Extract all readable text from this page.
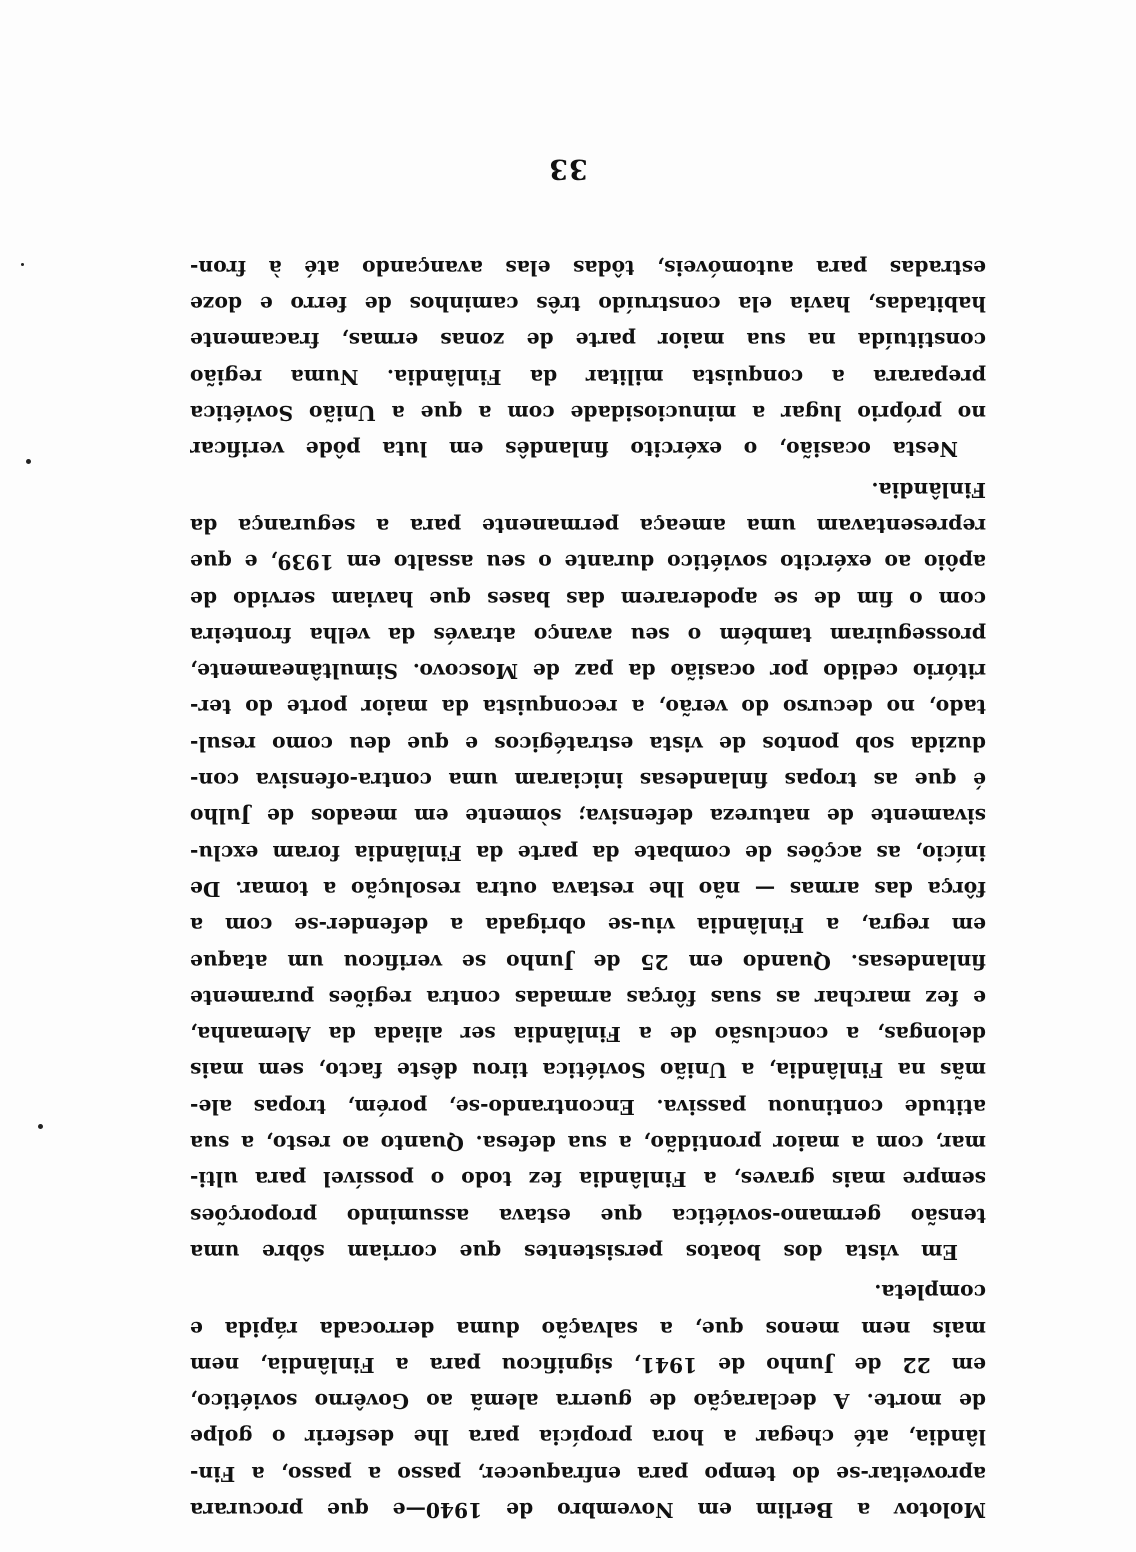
Molotov a Berlim em Novembro de 1940—e que procurara
aproveitar-se do tempo para enfraquecer, passo a passo, a Fin-
lândia, até chegar a hora propícia para lhe desferir o golpe
de morte. A declaração de guerra alemã ao Govêrno soviético,
em 22 de Junho de 1941, significou para a Finlândia, nem
mais nem menos que, a salvação duma derrocada rápida e
completa.
Em vista dos boatos persistentes que corriam sôbre uma
tensão germano-soviética que estava assumindo proporções
sempre mais graves, a Finlândia fez todo o possível para ulti-
mar, com a maior prontidão, a sua defesa. Quanto ao resto, a sua
atitude continuou passiva. Encontrando-se, porém, tropas ale-
mãs na Finlândia, a União Soviética tirou dêste facto, sem mais
delongas, a conclusão de a Finlândia ser aliada da Alemanha,
e fez marchar as suas fôrças armadas contra regiões puramente
finlandesas. Quando em 25 de Junho se verificou um ataque
em regra, a Finlândia viu-se obrigada a defender-se com a
fôrça das armas — não lhe restava outra resolução a tomar. De
início, as acções de combate da parte da Finlândia foram exclu-
sivamente de natureza defensiva; sòmente em meados de Julho
é que as tropas finlandesas iniciaram uma contra-ofensiva con-
duzida sob pontos de vista estratégicos e que deu como resul-
tado, no decurso do verão, a reconquista da maior porte do ter-
ritório cedido por ocasião da paz de Moscovo. Simultâneamente,
prosseguiram também o seu avanço através da velha fronteira
com o fim de se apoderarem das bases que haviam servido de
apôio ao exército soviético durante o seu assalto em 1939, e que
representavam uma ameaça permanente para a segurança da
Finlândia.
Nesta ocasião, o exército finlandês em luta pôde verificar
no próprio lugar a minuciosidade com a que a União Soviética
preparara a conquista militar da Finlândia. Numa região
constituída na sua maior parte de zonas ermas, fracamente
habitadas, havia ela construído três caminhos de ferro e doze
estradas para automóveis, tôdas elas avançando até à fron-
33
